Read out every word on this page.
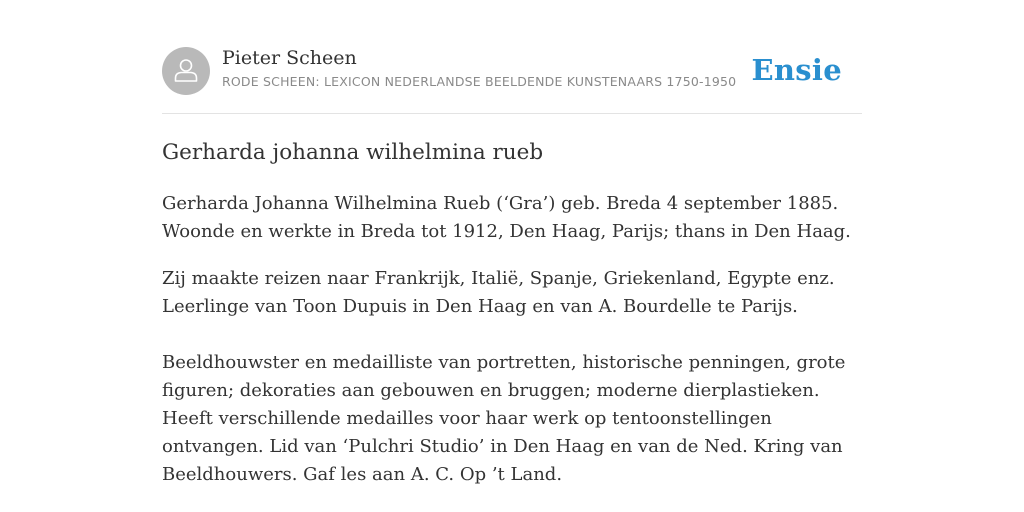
Pieter Scheen
RODE SCHEEN: LEXICON NEDERLANDSE BEELDENDE KUNSTENAARS 1750-1950 Ensie
Gerharda johanna wilhelmina rueb

Gerharda Johanna Wilhelmina Rueb (‘Gra’) geb. Breda 4 september 1885. Woonde en werkte in Breda tot 1912, Den Haag, Parijs; thans in Den Haag.

Zij maakte reizen naar Frankrijk, Italië, Spanje, Griekenland, Egypte enz. Leerlinge van Toon Dupuis in Den Haag en van A. Bourdelle te Parijs.

Beeldhouwster en medailliste van portretten, historische penningen, grote figuren; dekoraties aan gebouwen en bruggen; moderne dierplastieken. Heeft verschillende medailles voor haar werk op tentoonstellingen ontvangen. Lid van ‘Pulchri Studio’ in Den Haag en van de Ned. Kring van Beeldhouwers. Gaf les aan A. C. Op ’t Land.
